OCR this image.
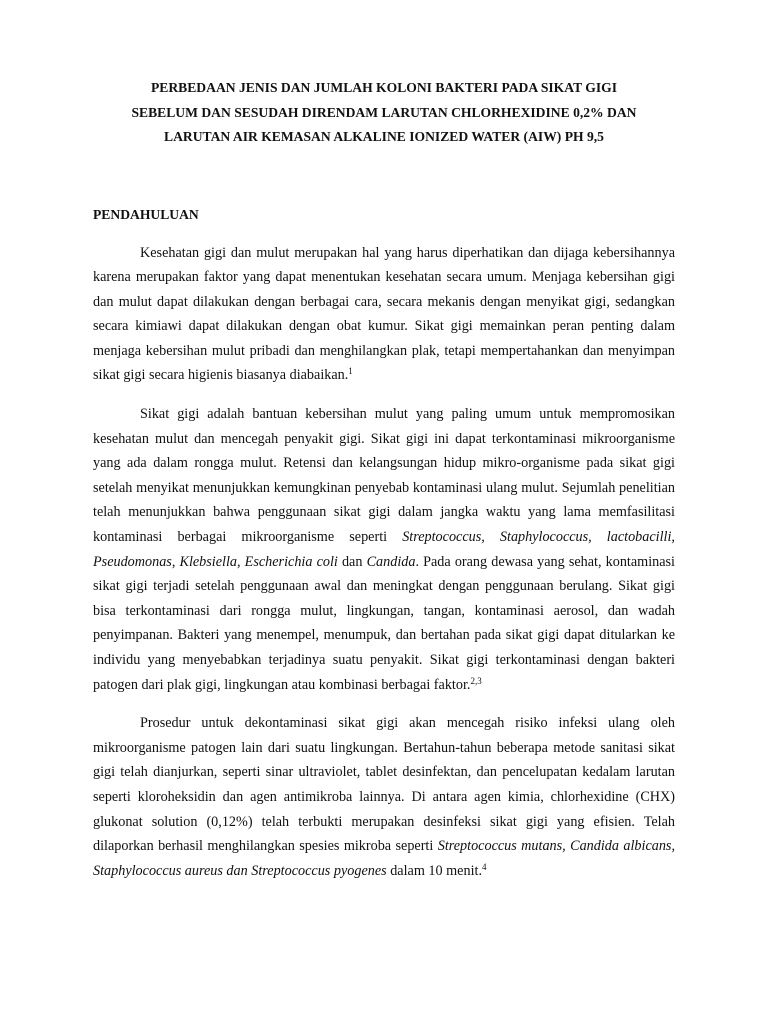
PERBEDAAN JENIS DAN JUMLAH KOLONI BAKTERI PADA SIKAT GIGI
SEBELUM DAN SESUDAH DIRENDAM LARUTAN CHLORHEXIDINE 0,2% DAN
LARUTAN AIR KEMASAN ALKALINE IONIZED WATER (AIW) PH 9,5
PENDAHULUAN

Kesehatan gigi dan mulut merupakan hal yang harus diperhatikan dan dijaga kebersihannya karena merupakan faktor yang dapat menentukan kesehatan secara umum. Menjaga kebersihan gigi dan mulut dapat dilakukan dengan berbagai cara, secara mekanis dengan menyikat gigi, sedangkan secara kimiawi dapat dilakukan dengan obat kumur. Sikat gigi memainkan peran penting dalam menjaga kebersihan mulut pribadi dan menghilangkan plak, tetapi mempertahankan dan menyimpan sikat gigi secara higienis biasanya diabaikan.$^1$

Sikat gigi adalah bantuan kebersihan mulut yang paling umum untuk mempromosikan kesehatan mulut dan mencegah penyakit gigi. Sikat gigi ini dapat terkontaminasi mikroorganisme yang ada dalam rongga mulut. Retensi dan kelangsungan hidup mikro-organisme pada sikat gigi setelah menyikat menunjukkan kemungkinan penyebab kontaminasi ulang mulut. Sejumlah penelitian telah menunjukkan bahwa penggunaan sikat gigi dalam jangka waktu yang lama memfasilitasi kontaminasi berbagai mikroorganisme seperti Streptococcus, Staphylococcus, lactobacilli, Pseudomonas, Klebsiella, Escherichia coli dan Candida. Pada orang dewasa yang sehat, kontaminasi sikat gigi terjadi setelah penggunaan awal dan meningkat dengan penggunaan berulang. Sikat gigi bisa terkontaminasi dari rongga mulut, lingkungan, tangan, kontaminasi aerosol, dan wadah penyimpanan. Bakteri yang menempel, menumpuk, dan bertahan pada sikat gigi dapat ditularkan ke individu yang menyebabkan terjadinya suatu penyakit. Sikat gigi terkontaminasi dengan bakteri patogen dari plak gigi, lingkungan atau kombinasi berbagai faktor.$^{2,3}$

Prosedur untuk dekontaminasi sikat gigi akan mencegah risiko infeksi ulang oleh mikroorganisme patogen lain dari suatu lingkungan. Bertahun-tahun beberapa metode sanitasi sikat gigi telah dianjurkan, seperti sinar ultraviolet, tablet desinfektan, dan pencelupatan kedalam larutan seperti kloroheksidin dan agen antimikroba lainnya. Di antara agen kimia, chlorhexidine (CHX) glukonat solution (0,12%) telah terbukti merupakan desinfeksi sikat gigi yang efisien. Telah dilaporkan berhasil menghilangkan spesies mikroba seperti Streptococcus mutans, Candida albicans, Staphylococcus aureus dan Streptococcus pyogenes dalam 10 menit.$^4$
